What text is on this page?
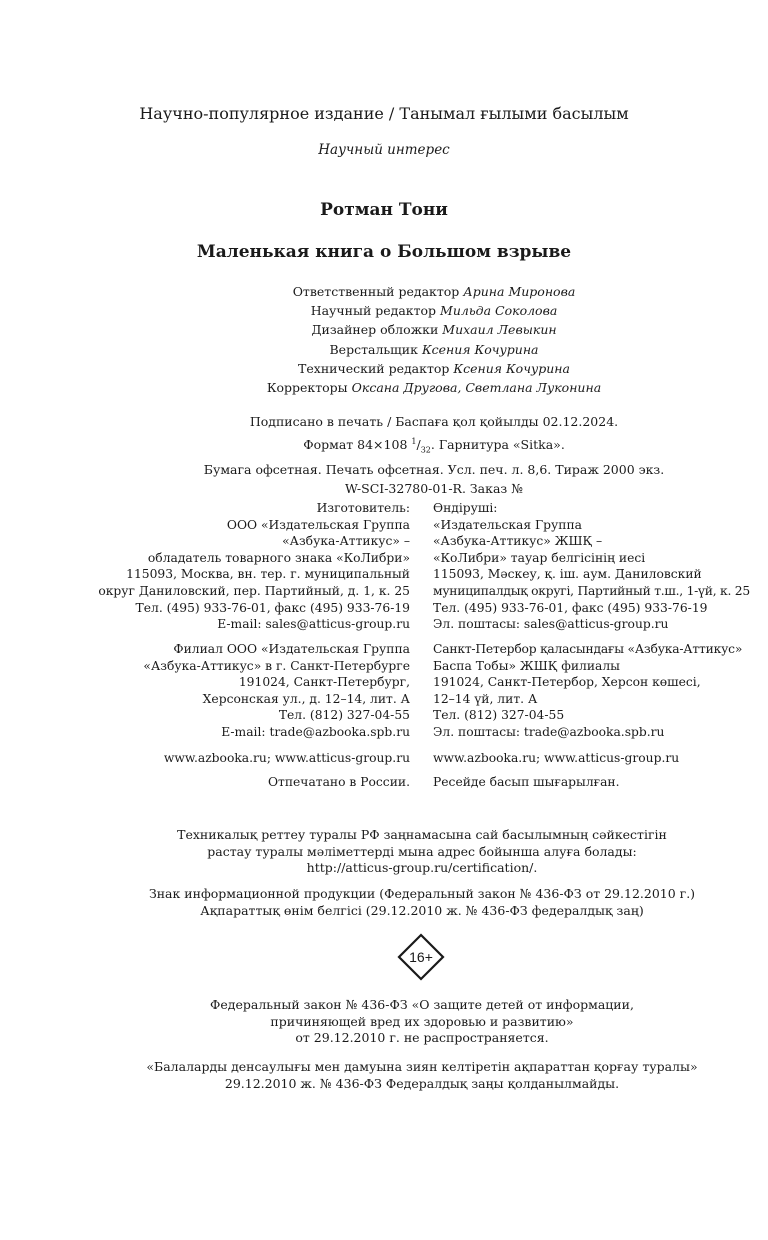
Научно-популярное издание / Танымал ғылыми басылым
Научный интерес
Ротман Тони
Маленькая книга о Большом взрыве
Ответственный редактор Арина Миронова
Научный редактор Мильда Соколова
Дизайнер обложки Михаил Левыкин
Верстальщик Ксения Кочурина
Технический редактор Ксения Кочурина
Корректоры Оксана Другова, Светлана Луконина
Подписано в печать / Баспаға қол қойылды 02.12.2024.
Формат 84×108 $^1/_{32}$. Гарнитура «Sitka».
Бумага офсетная. Печать офсетная. Усл. печ. л. 8,6. Тираж 2000 экз.
W-SCI-32780-01-R. Заказ №
Изготовитель:
ООО «Издательская Группа
«Азбука-Аттикус» –
обладатель товарного знака «КоЛибри»
115093, Москва, вн. тер. г. муниципальный
округ Даниловский, пер. Партийный, д. 1, к. 25
Тел. (495) 933-76-01, факс (495) 933-76-19
E-mail: sales@atticus-group.ru
Филиал ООО «Издательская Группа
«Азбука-Аттикус» в г. Санкт-Петербурге
191024, Санкт-Петербург,
Херсонская ул., д. 12–14, лит. А
Тел. (812) 327-04-55
E-mail: trade@azbooka.spb.ru
www.azbooka.ru; www.atticus-group.ru
Отпечатано в России.
Өндіруші:
«Издательская Группа
«Азбука-Аттикус» ЖШҚ –
«КоЛибри» тауар белгісінің иесі
115093, Мәскеу, қ. іш. аум. Даниловский
муниципалдық округі, Партийный т.ш., 1-үй, к. 25
Тел. (495) 933-76-01, факс (495) 933-76-19
Эл. поштасы: sales@atticus-group.ru
Санкт-Петербор қаласындағы «Азбука-Аттикус»
Баспа Тобы» ЖШҚ филиалы
191024, Санкт-Петербор, Херсон көшесі,
12–14 үй, лит. А
Тел. (812) 327-04-55
Эл. поштасы: trade@azbooka.spb.ru
www.azbooka.ru; www.atticus-group.ru
Ресейде басып шығарылған.
Техникалық реттеу туралы РФ заңнамасына сай басылымның сәйкестігін
растау туралы мәліметтерді мына адрес бойынша алуға болады:
http://atticus-group.ru/certification/.
Знак информационной продукции (Федеральный закон № 436-ФЗ от 29.12.2010 г.)
Ақпараттық өнім белгісі (29.12.2010 ж. № 436-ФЗ федералдық заң)
16+
Федеральный закон № 436-ФЗ «О защите детей от информации,
причиняющей вред их здоровью и развитию»
от 29.12.2010 г. не распространяется.
«Балаларды денсаулығы мен дамуына зиян келтіретін ақпараттан қорғау туралы»
29.12.2010 ж. № 436-ФЗ Федералдық заңы қолданылмайды.
